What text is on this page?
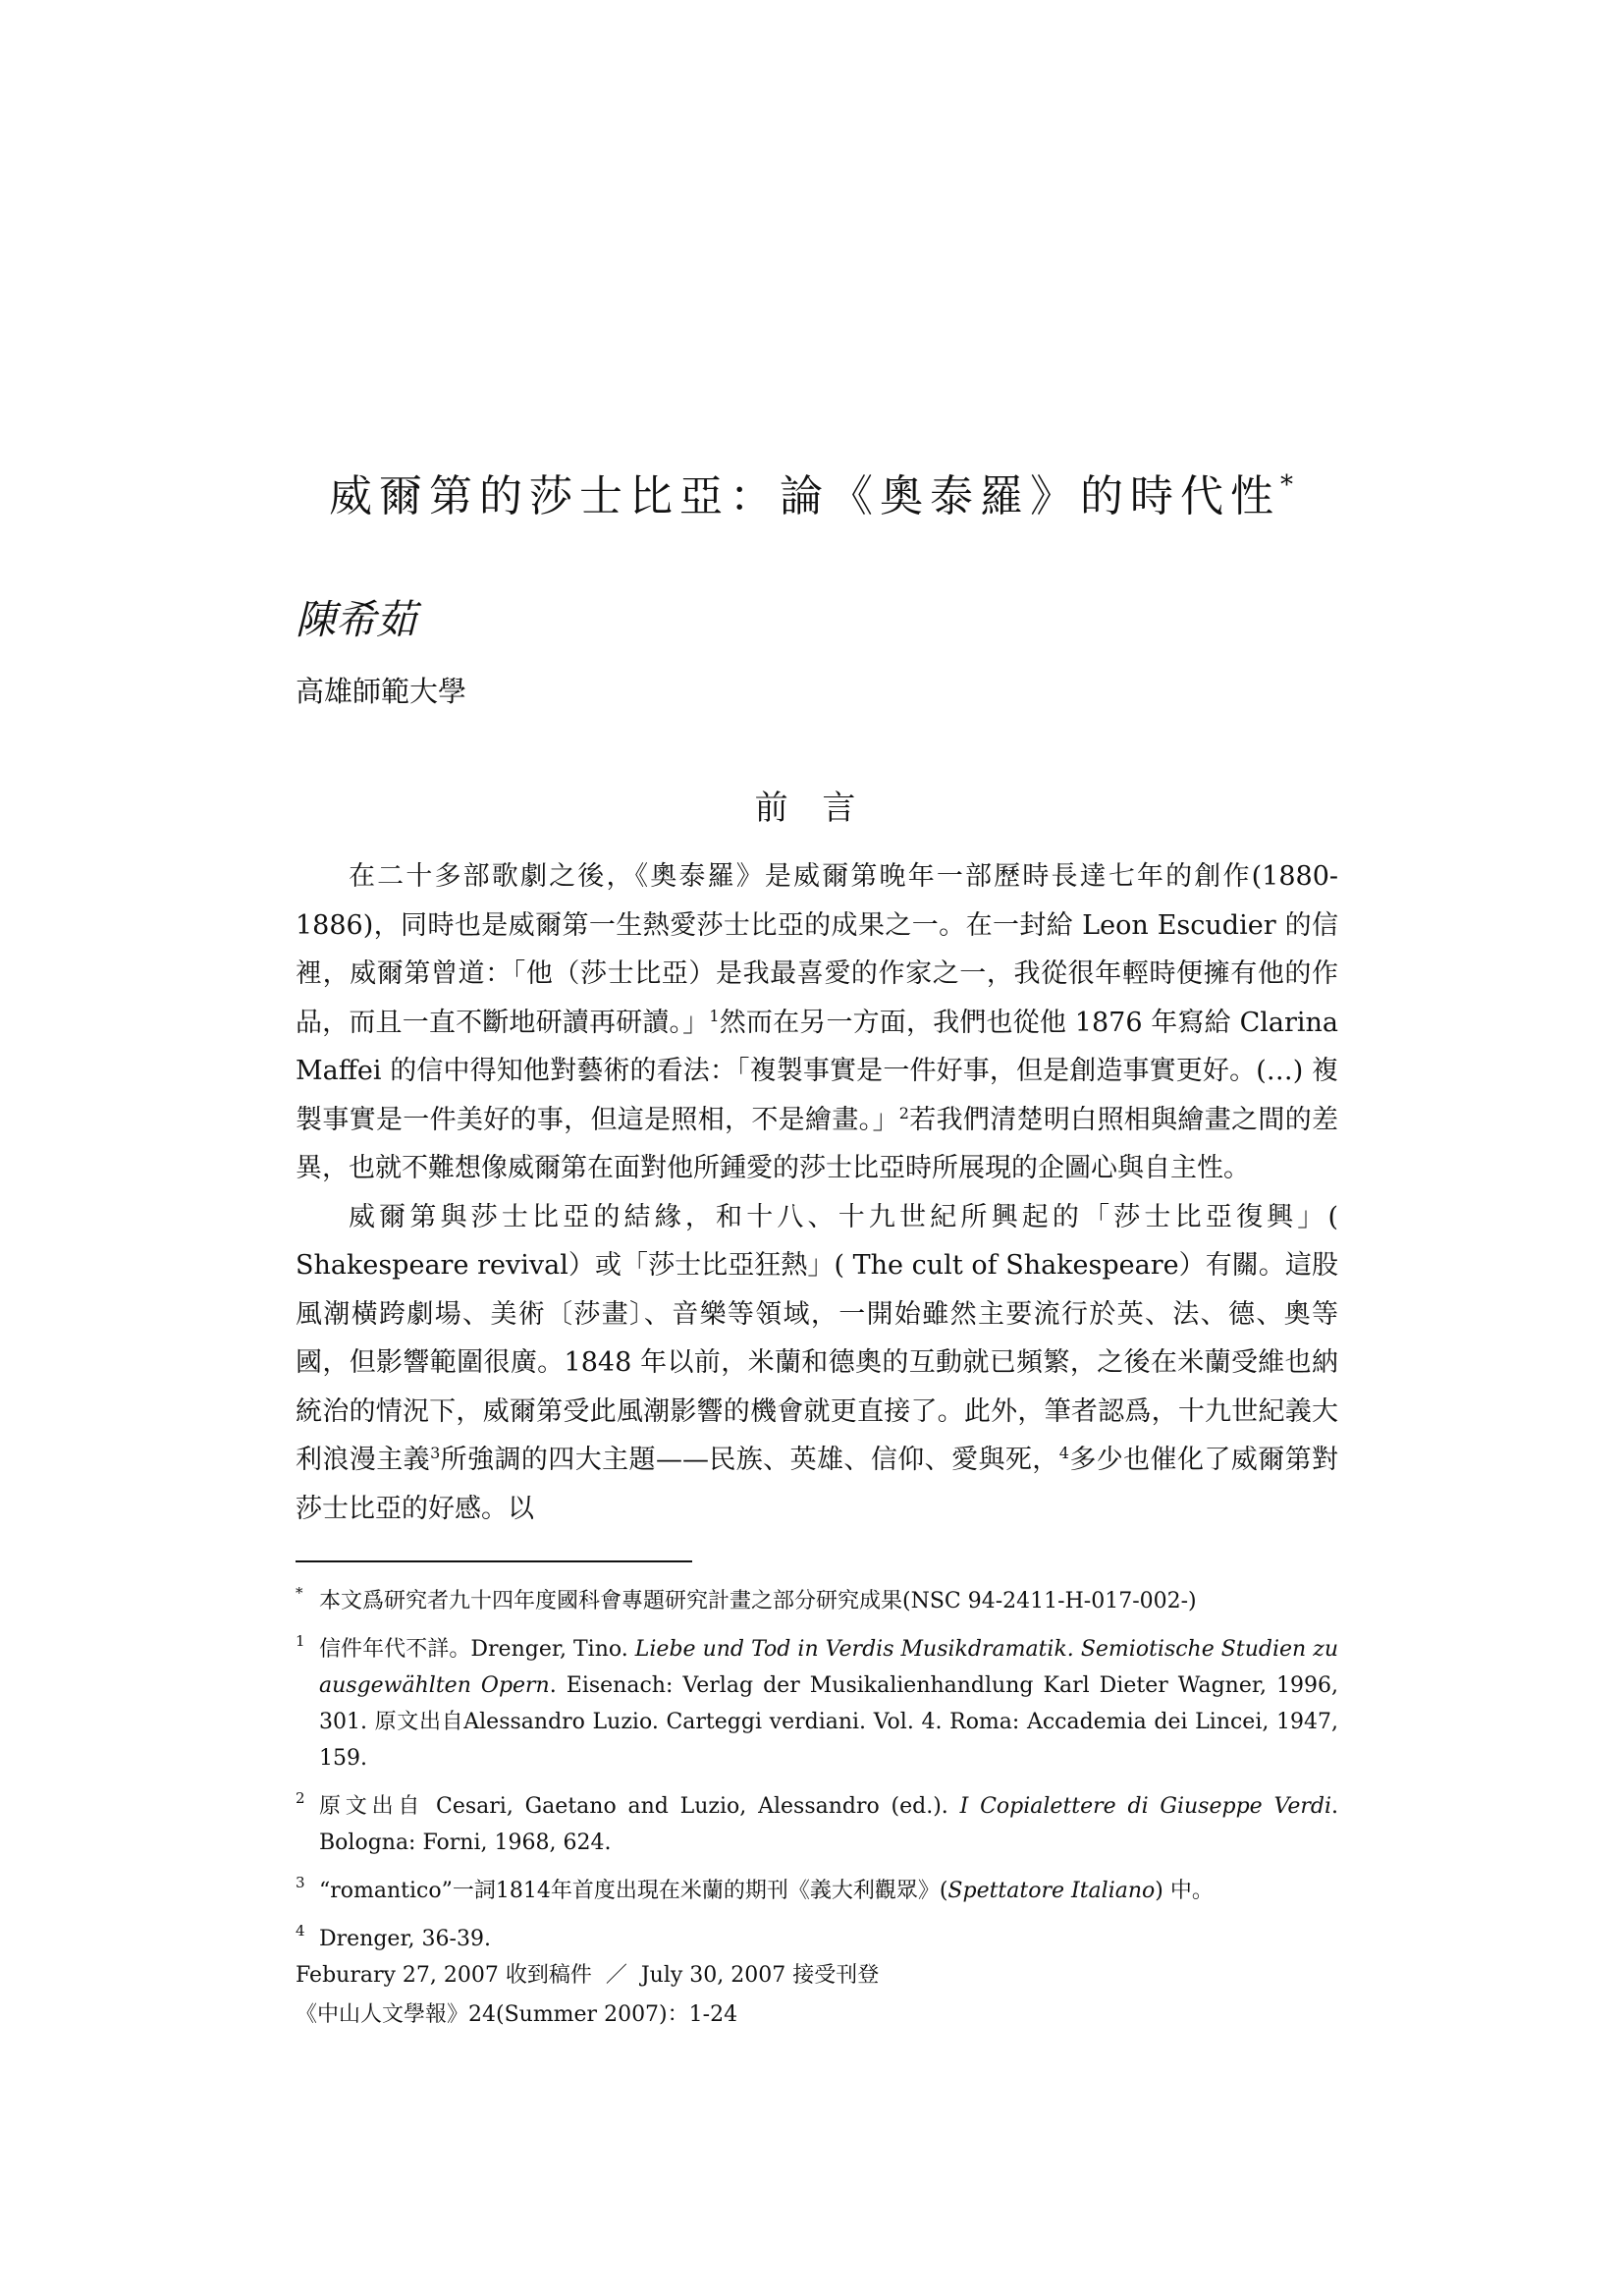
威爾第的莎士比亞：論《奧泰羅》的時代性*
陳希茹
高雄師範大學
前 言

在二十多部歌劇之後，《奧泰羅》是威爾第晚年一部歷時長達七年的創作(1880-1886)，同時也是威爾第一生熱愛莎士比亞的成果之一。在一封給 Leon Escudier 的信裡，威爾第曾道：「他（莎士比亞）是我最喜愛的作家之一，我從很年輕時便擁有他的作品，而且一直不斷地研讀再研讀。」$^1$然而在另一方面，我們也從他 1876 年寫給 Clarina Maffei 的信中得知他對藝術的看法：「複製事實是一件好事，但是創造事實更好。(…) 複製事實是一件美好的事，但這是照相，不是繪畫。」$^2$若我們清楚明白照相與繪畫之間的差異，也就不難想像威爾第在面對他所鍾愛的莎士比亞時所展現的企圖心與自主性。

威爾第與莎士比亞的結緣，和十八、十九世紀所興起的「莎士比亞復興」( Shakespeare revival）或「莎士比亞狂熱」( The cult of Shakespeare）有關。這股風潮橫跨劇場、美術〔莎畫〕、音樂等領域，一開始雖然主要流行於英、法、德、奧等國，但影響範圍很廣。1848 年以前，米蘭和德奧的互動就已頻繁，之後在米蘭受維也納統治的情況下，威爾第受此風潮影響的機會就更直接了。此外，筆者認爲，十九世紀義大利浪漫主義$^3$所強調的四大主題——民族、英雄、信仰、愛與死，$^4$多少也催化了威爾第對莎士比亞的好感。以

* 本文爲研究者九十四年度國科會專題研究計畫之部分研究成果(NSC 94-2411-H-017-002-)
1 信件年代不詳。Drenger, Tino. Liebe und Tod in Verdis Musikdramatik. Semiotische Studien zu ausgewählten Opern. Eisenach: Verlag der Musikalienhandlung Karl Dieter Wagner, 1996, 301. 原文出自Alessandro Luzio. Carteggi verdiani. Vol. 4. Roma: Accademia dei Lincei, 1947, 159.
2 原文出自 Cesari, Gaetano and Luzio, Alessandro (ed.). I Copialettere di Giuseppe Verdi. Bologna: Forni, 1968, 624.
3 “romantico”一詞1814年首度出現在米蘭的期刊《義大利觀眾》(Spettatore Italiano) 中。
4 Drenger, 36-39.
Feburary 27, 2007 收到稿件  ／  July 30, 2007 接受刊登
《中山人文學報》24(Summer 2007)：1-24
